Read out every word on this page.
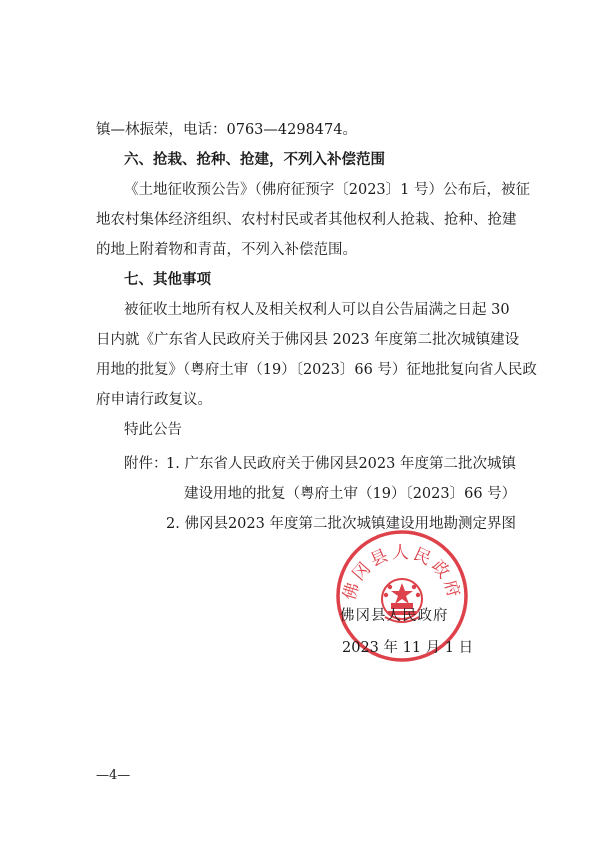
镇—林振荣，电话：0763—4298474。
六、抢栽、抢种、抢建，不列入补偿范围
《土地征收预公告》（佛府征预字〔2023〕1 号）公布后，被征
地农村集体经济组织、农村村民或者其他权利人抢栽、抢种、抢建
的地上附着物和青苗，不列入补偿范围。
七、其他事项
被征收土地所有权人及相关权利人可以自公告届满之日起 30
日内就《广东省人民政府关于佛冈县 2023 年度第二批次城镇建设
用地的批复》（粤府土审（19）〔2023〕66 号）征地批复向省人民政
府申请行政复议。
特此公告
附件：
1. 广东省人民政府关于佛冈县2023 年度第二批次城镇
建设用地的批复（粤府土审（19）〔2023〕66 号）
2. 佛冈县2023 年度第二批次城镇建设用地勘测定界图
佛冈县人民政府
佛冈县人民政府
2023 年 11 月 1 日
—4—
